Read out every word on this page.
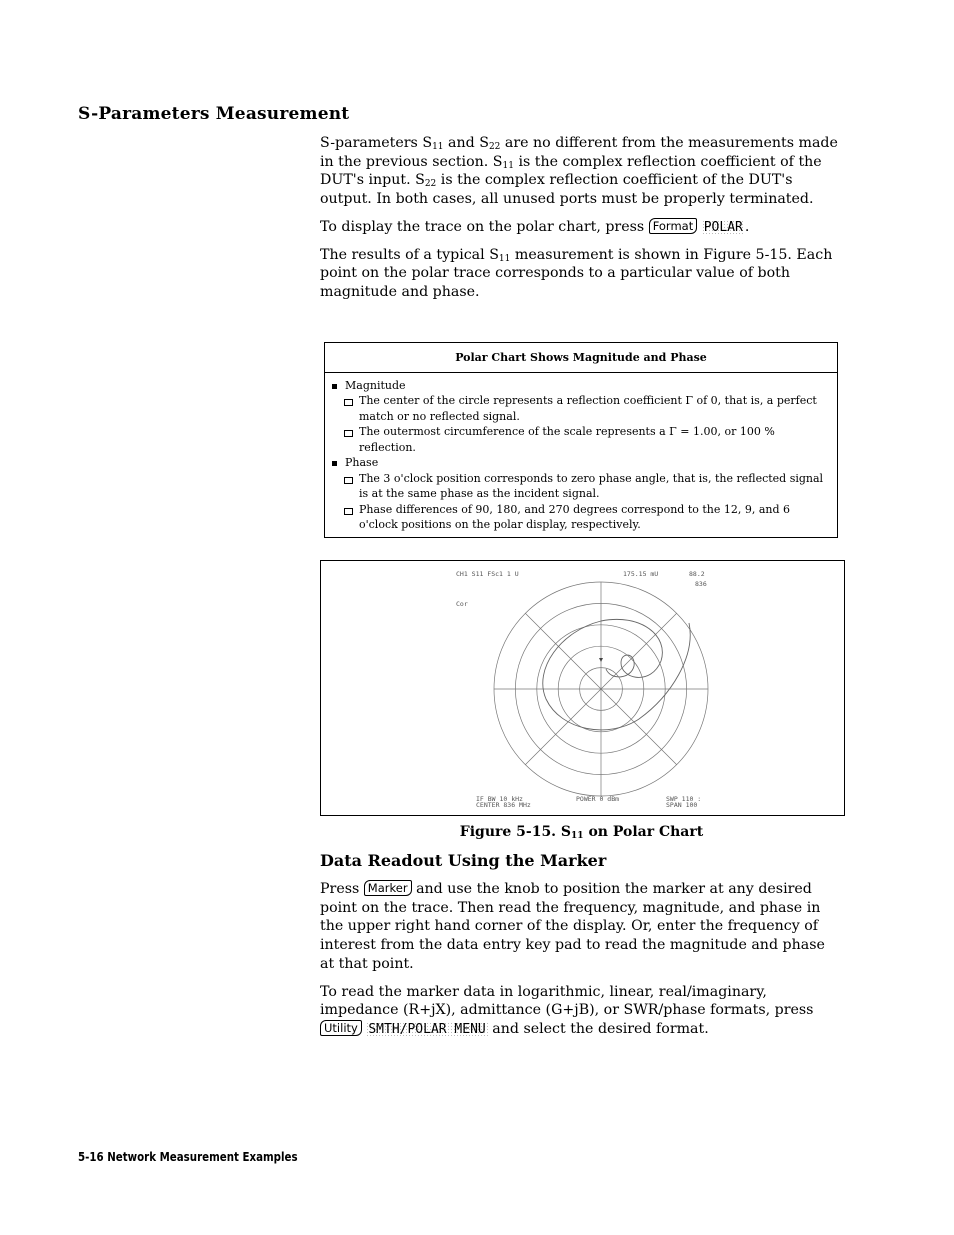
S-Parameters Measurement

S-parameters $S_{11}$ and $S_{22}$ are no different from the measurements made in the previous section. $S_{11}$ is the complex reflection coefficient of the DUT's input. $S_{22}$ is the complex reflection coefficient of the DUT's output. In both cases, all unused ports must be properly terminated.

To display the trace on the polar chart, press Format POLAR .

The results of a typical $S_{11}$ measurement is shown in Figure 5-15. Each point on the polar trace corresponds to a particular value of both magnitude and phase.

Polar Chart Shows Magnitude and Phase
Magnitude
The center of the circle represents a reflection coefficient Γ of 0, that is, a perfect match or no reflected signal.
The outermost circumference of the scale represents a Γ = 1.00, or 100 % reflection.
Phase
The 3 o'clock position corresponds to zero phase angle, that is, the reflected signal is at the same phase as the incident signal.
Phase differences of 90, 180, and 270 degrees correspond to the 12, 9, and 6 o'clock positions on the polar display, respectively.
CH1 S11 FSc1 1 U	175.15 mU	88.2
836
Cor
IF BW 10 kHz	POWER 0 dBm	SWP 110 :
CENTER 836 MHz	SPAN 100
Figure 5-15. $S_{11}$ on Polar Chart
Data Readout Using the Marker

Press Marker and use the knob to position the marker at any desired point on the trace. Then read the frequency, magnitude, and phase in the upper right hand corner of the display. Or, enter the frequency of interest from the data entry key pad to read the magnitude and phase at that point.

To read the marker data in logarithmic, linear, real/imaginary, impedance (R+jX), admittance (G+jB), or SWR/phase formats, press Utility SMTH/POLAR MENU and select the desired format.

5-16 Network Measurement Examples
